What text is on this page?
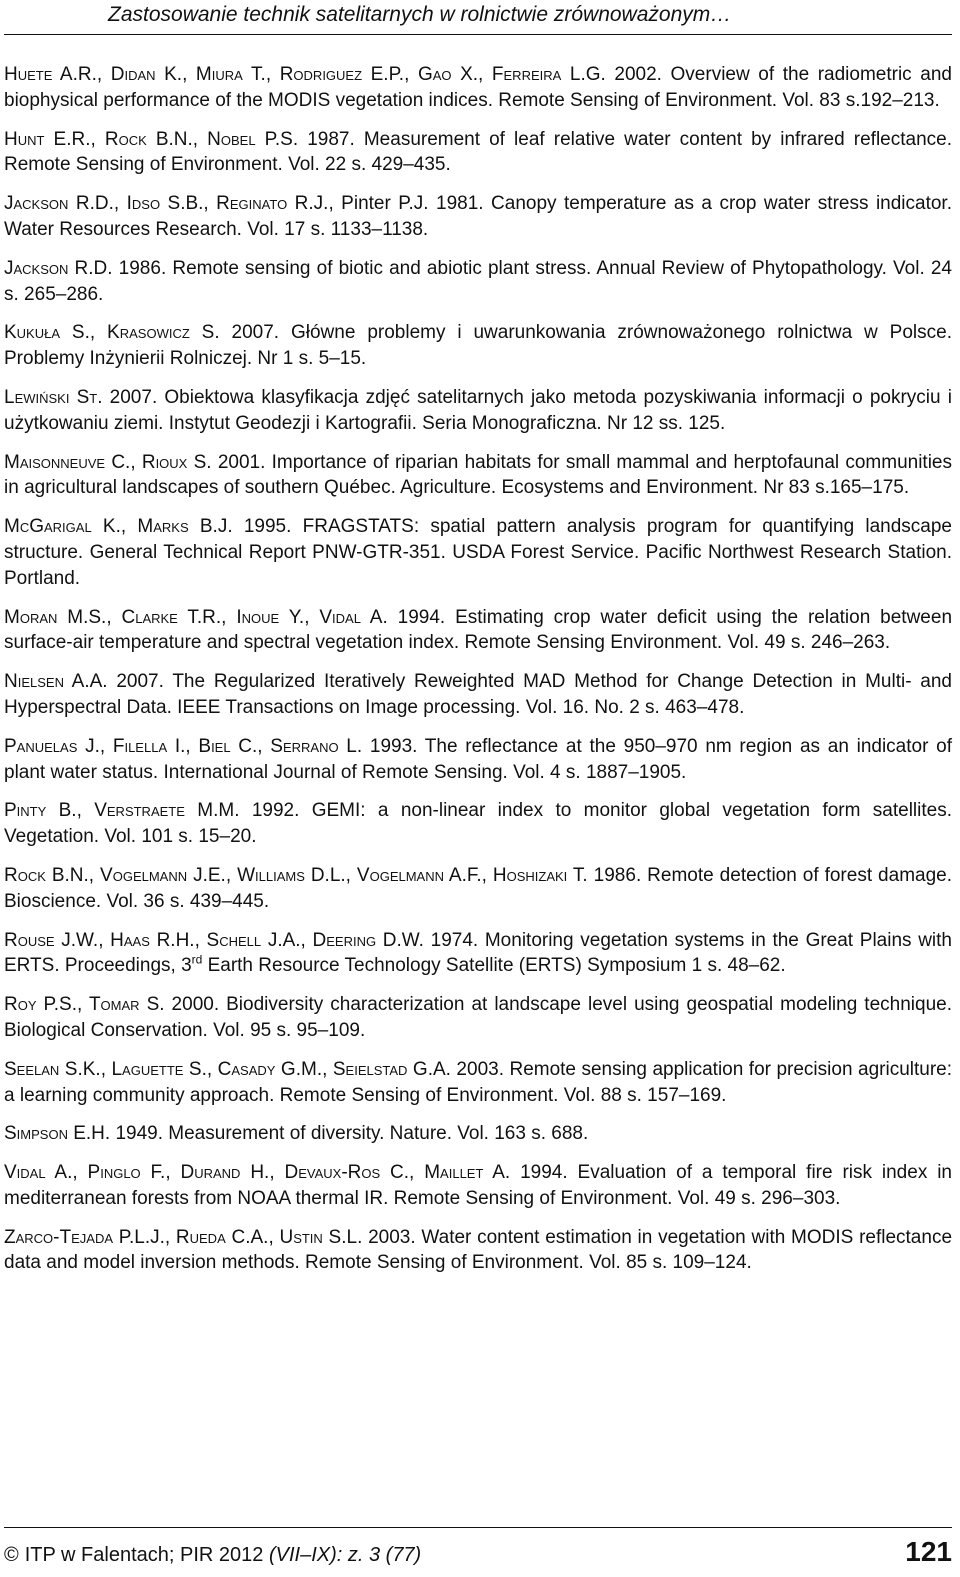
Zastosowanie technik satelitarnych w rolnictwie zrównoważonym…

Huete A.R., Didan K., Miura T., Rodriguez E.P., Gao X., Ferreira L.G. 2002. Overview of the radiometric and biophysical performance of the MODIS vegetation indices. Remote Sensing of Environment. Vol. 83 s.192–213.

Hunt E.R., Rock B.N., Nobel P.S. 1987. Measurement of leaf relative water content by infrared reflectance. Remote Sensing of Environment. Vol. 22 s. 429–435.

Jackson R.D., Idso S.B., Reginato R.J., Pinter P.J. 1981. Canopy temperature as a crop water stress indicator. Water Resources Research. Vol. 17 s. 1133–1138.

Jackson R.D. 1986. Remote sensing of biotic and abiotic plant stress. Annual Review of Phytopathology. Vol. 24 s. 265–286.

Kukuła S., Krasowicz S. 2007. Główne problemy i uwarunkowania zrównoważonego rolnictwa w Polsce. Problemy Inżynierii Rolniczej. Nr 1 s. 5–15.

Lewiński St. 2007. Obiektowa klasyfikacja zdjęć satelitarnych jako metoda pozyskiwania informacji o pokryciu i użytkowaniu ziemi. Instytut Geodezji i Kartografii. Seria Monograficzna. Nr 12 ss. 125.

Maisonneuve C., Rioux S. 2001. Importance of riparian habitats for small mammal and herptofaunal communities in agricultural landscapes of southern Québec. Agriculture. Ecosystems and Environment. Nr 83 s.165–175.

McGarigal K., Marks B.J. 1995. FRAGSTATS: spatial pattern analysis program for quantifying landscape structure. General Technical Report PNW-GTR-351. USDA Forest Service. Pacific Northwest Research Station. Portland.

Moran M.S., Clarke T.R., Inoue Y., Vidal A. 1994. Estimating crop water deficit using the relation between surface-air temperature and spectral vegetation index. Remote Sensing Environment. Vol. 49 s. 246–263.

Nielsen A.A. 2007. The Regularized Iteratively Reweighted MAD Method for Change Detection in Multi- and Hyperspectral Data. IEEE Transactions on Image processing. Vol. 16. No. 2 s. 463–478.

Panuelas J., Filella I., Biel C., Serrano L. 1993. The reflectance at the 950–970 nm region as an indicator of plant water status. International Journal of Remote Sensing. Vol. 4 s. 1887–1905.

Pinty B., Verstraete M.M. 1992. GEMI: a non-linear index to monitor global vegetation form satellites. Vegetation. Vol. 101 s. 15–20.

Rock B.N., Vogelmann J.E., Williams D.L., Vogelmann A.F., Hoshizaki T. 1986. Remote detection of forest damage. Bioscience. Vol. 36 s. 439–445.

Rouse J.W., Haas R.H., Schell J.A., Deering D.W. 1974. Monitoring vegetation systems in the Great Plains with ERTS. Proceedings, 3rd Earth Resource Technology Satellite (ERTS) Symposium 1 s. 48–62.

Roy P.S., Tomar S. 2000. Biodiversity characterization at landscape level using geospatial modeling technique. Biological Conservation. Vol. 95 s. 95–109.

Seelan S.K., Laguette S., Casady G.M., Seielstad G.A. 2003. Remote sensing application for precision agriculture: a learning community approach. Remote Sensing of Environment. Vol. 88 s. 157–169.

Simpson E.H. 1949. Measurement of diversity. Nature. Vol. 163 s. 688.

Vidal A., Pinglo F., Durand H., Devaux-Ros C., Maillet A. 1994. Evaluation of a temporal fire risk index in mediterranean forests from NOAA thermal IR. Remote Sensing of Environment. Vol. 49 s. 296–303.

Zarco-Tejada P.L.J., Rueda C.A., Ustin S.L. 2003. Water content estimation in vegetation with MODIS reflectance data and model inversion methods. Remote Sensing of Environment. Vol. 85 s. 109–124.

© ITP w Falentach; PIR 2012 (VII–IX): z. 3 (77)	121
